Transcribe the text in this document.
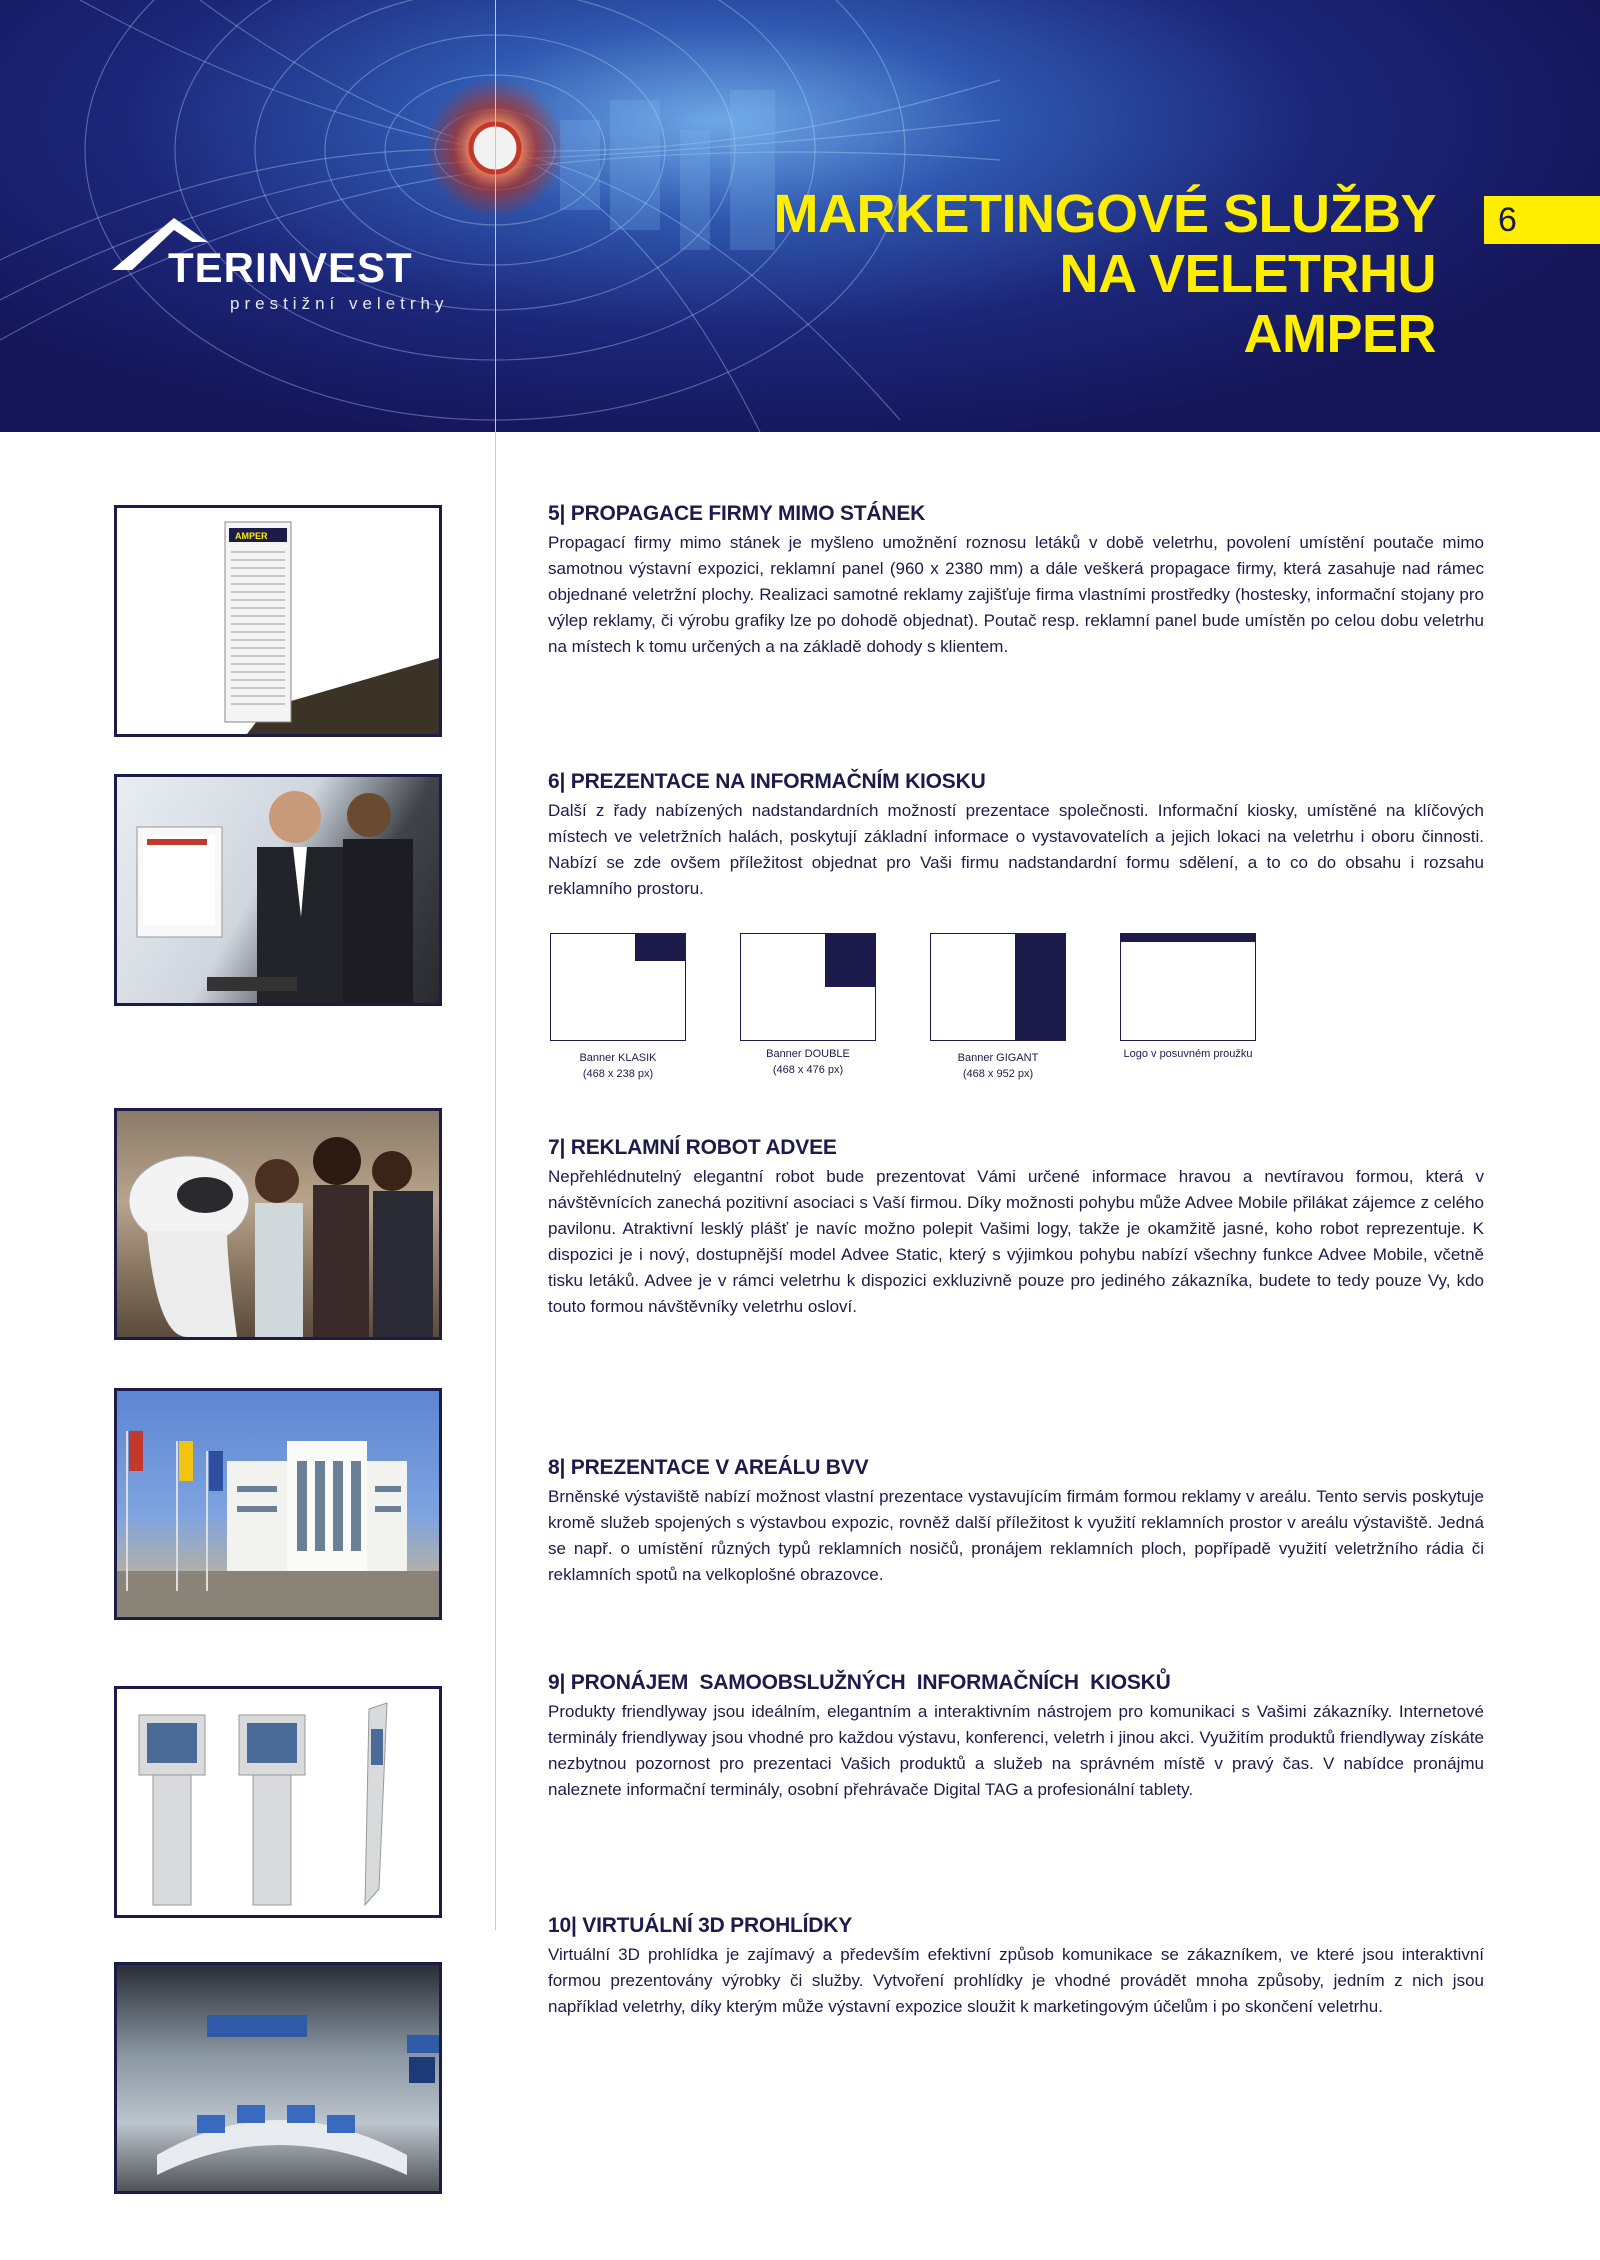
TERINVEST
prestižní veletrhy
MARKETINGOVÉ SLUŽBY
NA VELETRHU
AMPER
6
AMPER
5| PROPAGACE FIRMY MIMO STÁNEK

Propagací firmy mimo stánek je myšleno umožnění roznosu letáků v době veletrhu, povolení umístění poutače mimo samotnou výstavní expozici, reklamní panel (960 x 2380 mm) a dále veškerá propagace firmy, která zasahuje nad rámec objednané veletržní plochy. Realizaci samotné reklamy zajišťuje firma vlastními prostředky (hostesky, informační stojany pro výlep reklamy, či výrobu grafiky lze po dohodě objednat). Poutač resp. reklamní panel bude umístěn po celou dobu veletrhu na místech k tomu určených a na základě dohody s klientem.

6| PREZENTACE NA INFORMAČNÍM KIOSKU

Další z řady nabízených nadstandardních možností prezentace společnosti. Informační kiosky, umístěné na klíčových místech ve veletržních halách, poskytují základní informace o vystavovatelích a jejich lokaci na veletrhu i oboru činnosti. Nabízí se zde ovšem příležitost objednat pro Vaši firmu nadstandardní formu sdělení, a to co do obsahu i rozsahu reklamního prostoru.

Banner KLASIK
(468 x 238 px)
Banner DOUBLE
(468 x 476 px)
Banner GIGANT
(468 x 952 px)
Logo v posuvném proužku
7| REKLAMNÍ ROBOT ADVEE

Nepřehlédnutelný elegantní robot bude prezentovat Vámi určené informace hravou a nevtíravou formou, která v návštěvnících zanechá pozitivní asociaci s Vaší firmou. Díky možnosti pohybu může Advee Mobile přilákat zájemce z celého pavilonu. Atraktivní lesklý plášť je navíc možno polepit Vašimi logy, takže je okamžitě jasné, koho robot reprezentuje. K dispozici je i nový, dostupnější model Advee Static, který s výjimkou pohybu nabízí všechny funkce Advee Mobile, včetně tisku letáků. Advee je v rámci veletrhu k dispozici exkluzivně pouze pro jediného zákazníka, budete to tedy pouze Vy, kdo touto formou návštěvníky veletrhu osloví.

8| PREZENTACE V AREÁLU BVV

Brněnské výstaviště nabízí možnost vlastní prezentace vystavujícím firmám formou reklamy v areálu. Tento servis poskytuje kromě služeb spojených s výstavbou expozic, rovněž další příležitost k využití reklamních prostor v areálu výstaviště. Jedná se např. o umístění různých typů reklamních nosičů, pronájem reklamních ploch, popřípadě využití veletržního rádia či reklamních spotů na velkoplošné obrazovce.

9| PRONÁJEM  SAMOOBSLUŽNÝCH  INFORMAČNÍCH  KIOSKŮ

Produkty friendlyway jsou ideálním, elegantním a interaktivním nástrojem pro komunikaci s Vašimi zákazníky. Internetové terminály friendlyway jsou vhodné pro každou výstavu, konferenci, veletrh i jinou akci. Využitím produktů friendlyway získáte nezbytnou pozornost pro prezentaci Vašich produktů a služeb na správném místě v pravý čas. V nabídce pronájmu naleznete informační terminály, osobní přehrávače Digital TAG a profesionální tablety.

10| VIRTUÁLNÍ 3D PROHLÍDKY

Virtuální 3D prohlídka je zajímavý a především efektivní způsob komunikace se zákazníkem, ve které jsou interaktivní formou prezentovány výrobky či služby. Vytvoření prohlídky je vhodné provádět mnoha způsoby, jedním z nich jsou například veletrhy, díky kterým může výstavní expozice sloužit k marketingovým účelům i po skončení veletrhu.
